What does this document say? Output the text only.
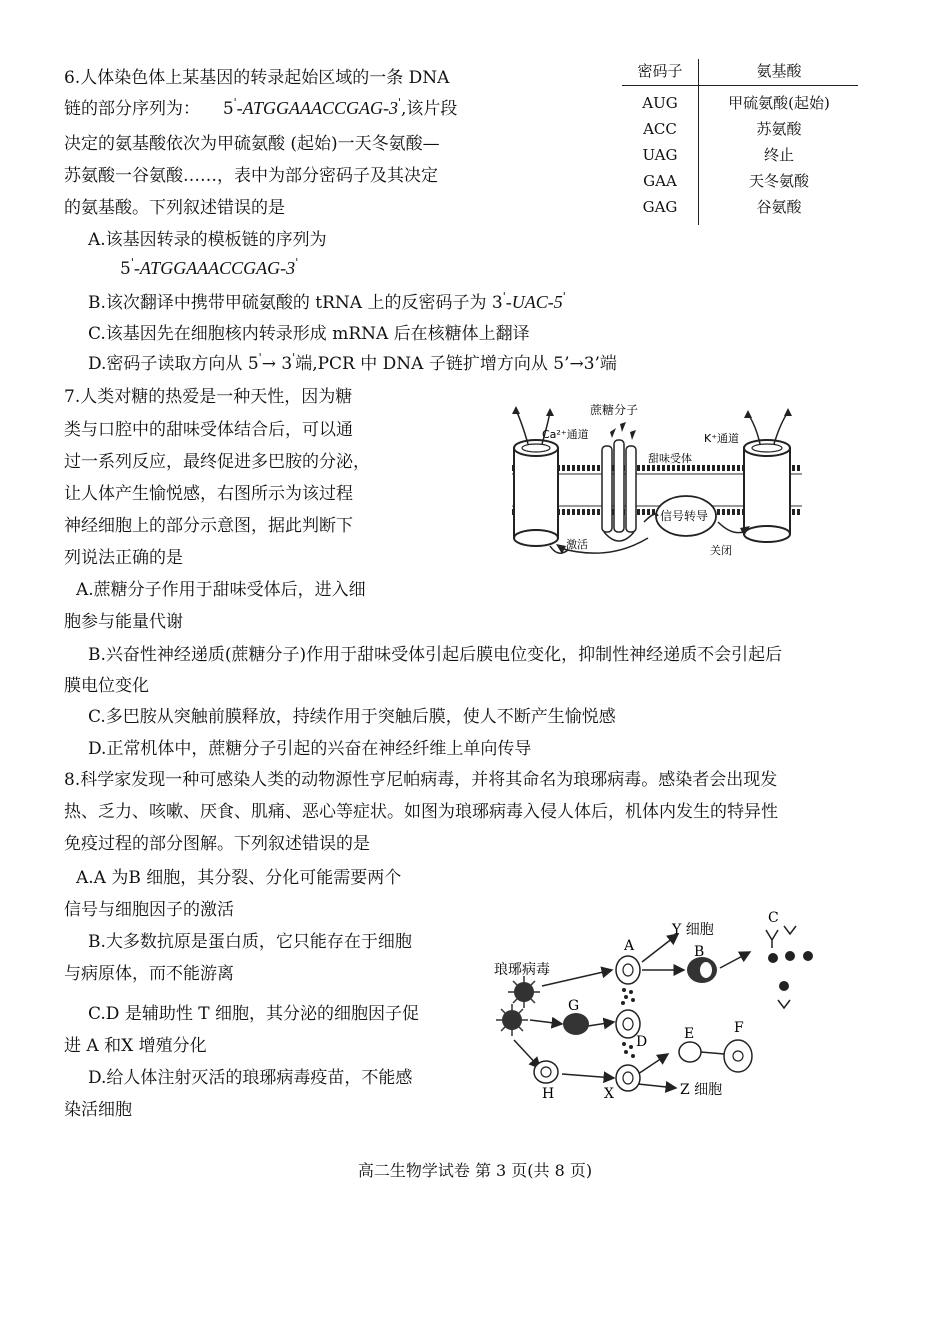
6.人体染色体上某基因的转录起始区域的一条 DNA
链的部分序列为： 5'-ATGGAAACCGAG-3',该片段
决定的氨基酸依次为甲硫氨酸 (起始)一天冬氨酸—
苏氨酸一谷氨酸……，表中为部分密码子及其决定
的氨基酸。下列叙述错误的是
密码子	氨基酸
AUG	甲硫氨酸(起始)
ACC	苏氨酸
UAG	终止
GAA	天冬氨酸
GAG	谷氨酸
A.该基因转录的模板链的序列为
5'-ATGGAAACCGAG-3'
B.该次翻译中携带甲硫氨酸的 tRNA 上的反密码子为 3'-UAC-5'
C.该基因先在细胞核内转录形成 mRNA 后在核糖体上翻译
D.密码子读取方向从 5'→ 3'端,PCR 中 DNA 子链扩增方向从 5’→3’端
7.人类对糖的热爱是一种天性，因为糖
类与口腔中的甜味受体结合后，可以通
过一系列反应，最终促进多巴胺的分泌，
让人体产生愉悦感，右图所示为该过程
神经细胞上的部分示意图，据此判断下
列说法正确的是
A.蔗糖分子作用于甜味受体后，进入细
胞参与能量代谢
B.兴奋性神经递质(蔗糖分子)作用于甜味受体引起后膜电位变化，抑制性神经递质不会引起后
膜电位变化
C.多巴胺从突触前膜释放，持续作用于突触后膜，使人不断产生愉悦感
D.正常机体中，蔗糖分子引起的兴奋在神经纤维上单向传导
蔗糖分子
Ca²⁺通道	K⁺通道
甜味受体
信号转导
激活	关闭
8.科学家发现一种可感染人类的动物源性亨尼帕病毒，并将其命名为琅琊病毒。感染者会出现发
热、乏力、咳嗽、厌食、肌痛、恶心等症状。如图为琅琊病毒入侵人体后，机体内发生的特异性
免疫过程的部分图解。下列叙述错误的是
A.A 为B 细胞，其分裂、分化可能需要两个
信号与细胞因子的激活
B.大多数抗原是蛋白质，它只能存在于细胞
与病原体，而不能游离
C.D 是辅助性 T 细胞，其分泌的细胞因子促
进 A 和X 增殖分化
D.给人体注射灭活的琅琊病毒疫苗，不能感
染活细胞
琅琊病毒
A
Y 细胞
B
C
G
D	E	F
H	X	Z 细胞
高二生物学试卷 第 3 页(共 8 页)
